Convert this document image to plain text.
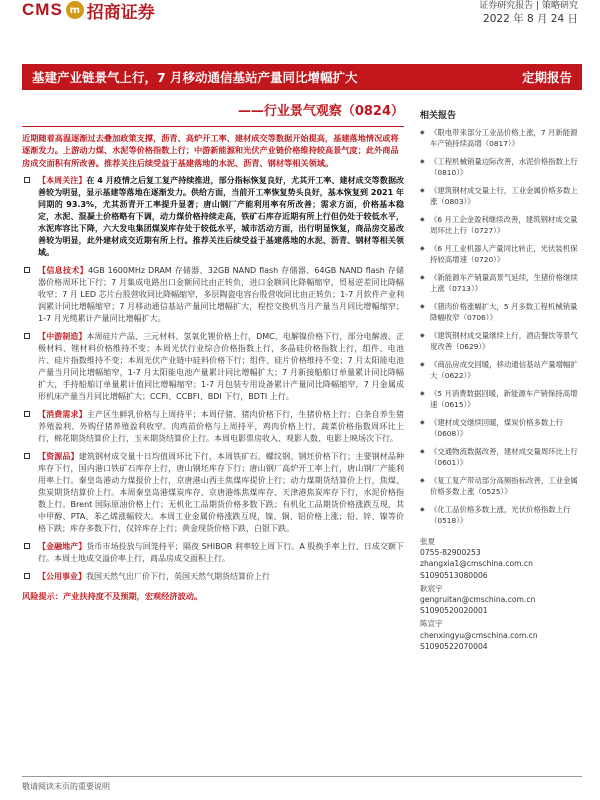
CMS m 招商证券	证券研究报告 | 策略研究
2022 年 8 月 24 日
基建产业链景气上行，7 月移动通信基站产量同比增幅扩大	定期报告
——行业景气观察（0824）
近期随着高温逐渐过去叠加政策支撑，沥青、高炉开工率、建材成交等数据开始提高，基建落地情况或将逐渐发力。上游动力煤、水泥等价格指数上行；中游新能源和光伏产业链价格维持较高景气度；此外商品房成交面积有所改善。推荐关注后续受益于基建落地的水泥、沥青、钢材等相关领域。
【本周关注】在 4 月疫情之后复工复产持续推进，部分指标恢复良好，尤其开工率、建材成交等数据改善较为明显，显示基建等落地在逐渐发力。供给方面，当前开工率恢复势头良好，基本恢复到 2021 年同期的 93.3%，尤其沥青开工率提升显著；唐山钢厂产能利用率有所改善；需求方面，价格基本稳定，水泥、混凝土价格略有下调，动力煤价格持续走高，铁矿石库存近期有所上行但仍处于较低水平，水泥库容比下降，六大发电集团煤炭库存处于较低水平，城市活动方面，出行明显恢复，商品房交易改善较为明显，此外建材成交近期有所上行。推荐关注后续受益于基建落地的水泥、沥青、钢材等相关领域。
【信息技术】4GB 1600MHz DRAM 存储器、32GB NAND flash 存储器、64GB NAND flash 存储器价格周环比下行；7 月集成电路出口金额同比由正转负，进口金额同比降幅缩窄，贸易逆差同比降幅收窄；7 月 LED 芯片台股营收同比降幅缩窄，多层陶瓷电容台股营收同比由正转负；1-7 月软件产业利润累计同比增幅缩窄；7 月移动通信基站产量同比增幅扩大，程控交换机当月产量当月同比增幅缩窄；1-7 月光缆累计产量同比增幅扩大。
【中游制造】本周硅片产品、三元材料、氢氧化锂价格上行，DMC、电解镍价格下行，部分电解液、正极材料、锂材料价格维持不变；本周光伏行业综合价格指数上行，多晶硅价格指数上行，组件、电池片、硅片指数维持不变；本周光伏产业链中硅料价格下行；组件、硅片价格维持不变；7 月太阳能电池产量当月同比增幅缩窄，1-7 月太阳能电池产量累计同比增幅扩大；7 月新接船舶订单量累计同比降幅扩大，手持船舶订单量累计值同比增幅缩窄；1-7 月包装专用设备累计产量同比降幅缩窄，7 月金属成形机床产量当月同比增幅扩大；CCFI、CCBFI、BDI 下行，BDTI 上行。
【消费需求】主产区生鲜乳价格与上周持平；本周仔猪、猪肉价格下行，生猪价格上行；白条自养生猪养殖盈利、外购仔猪养殖盈利收窄。肉鸡苗价格与上周持平，鸡肉价格上行，蔬菜价格指数周环比上行，棉花期货结算价上行，玉米期货结算价上行。本周电影票房收入、观影人数、电影上映场次下行。
【资源品】建筑钢材成交量十日均值周环比下行，本周铁矿石、螺纹钢、钢坯价格下行；主要钢材品种库存下行，国内港口铁矿石库存上行，唐山钢坯库存下行；唐山钢厂高炉开工率上行，唐山钢厂产能利用率上行。秦皇岛港动力煤报价上行，京唐港山西主焦煤库提价上行；动力煤期货结算价上行，焦煤、焦炭期货结算价上行。本周秦皇岛港煤炭库存、京唐港炼焦煤库存、天津港焦炭库存下行，水泥价格指数上行。Brent 国际原油价格上行；无机化工品期货价格多数下跌；有机化工品期货价格涨跌互现，其中甲醇、PTA、苯乙烯涨幅较大。本周工业金属价格涨跌互现，镍、铜、铝价格上涨；铅、锌、镍等价格下跌；库存多数下行，仅锌库存上行；黄金现货价格下跌，白银下跌。
【金融地产】货币市场投放与回笼持平；隔夜 SHIBOR 利率较上周下行。A 股换手率上行、日成交额下行。本周土地成交溢价率上行，商品房成交面积上行。
【公用事业】我国天然气出厂价下行，英国天然气期货结算价上行
风险提示：产业扶持度不及预期，宏观经济波动。
相关报告
◆ 《限电带来部分工业品价格上涨，7 月新能源车产销持续高增（0817）》
◆ 《工程机械销量边际改善，水泥价格指数上行（0810）》
◆ 《建筑钢材成交量上行，工业金属价格多数上涨（0803）》
◆ 《6 月工企金盈利继续改善，建筑钢材成交量周环比上行（0727）》
◆ 《6 月工业机器人产量同比转正，光伏装机保持较高增速（0720）》
◆ 《新能源车产销量高景气延续，生猪价格继续上涨（0713）》
◆ 《猪肉价格涨幅扩大，5 月多数工程机械销量降幅收窄（0706）》
◆ 《建筑钢材成交量继续上行，酒店餐饮等景气度改善（0629）》
◆ 《商品房成交回暖，移动通信基站产量增幅扩大（0622）》
◆ 《5 月消费数据回暖，新能源车产销保持高增速（0615）》
◆ 《建材成交继续回暖，煤炭价格多数上行（0608）》
◆ 《交通物流数据改善，建材成交量周环比上行（0601）》
◆ 《复工复产带动部分高频指标改善，工业金属价格多数上涨（0525）》
◆ 《化工品价格多数上涨，光伏价格指数上行（0518）》
张夏
0755-82900253
zhangxia1@cmschina.com.cn
S1090513080006
耿宸宇
gengruitan@cmschina.com.cn
S1090520020001
陈宣宇
chenxingyu@cmschina.com.cn
S1090522070004
敬请阅读末页的重要说明
